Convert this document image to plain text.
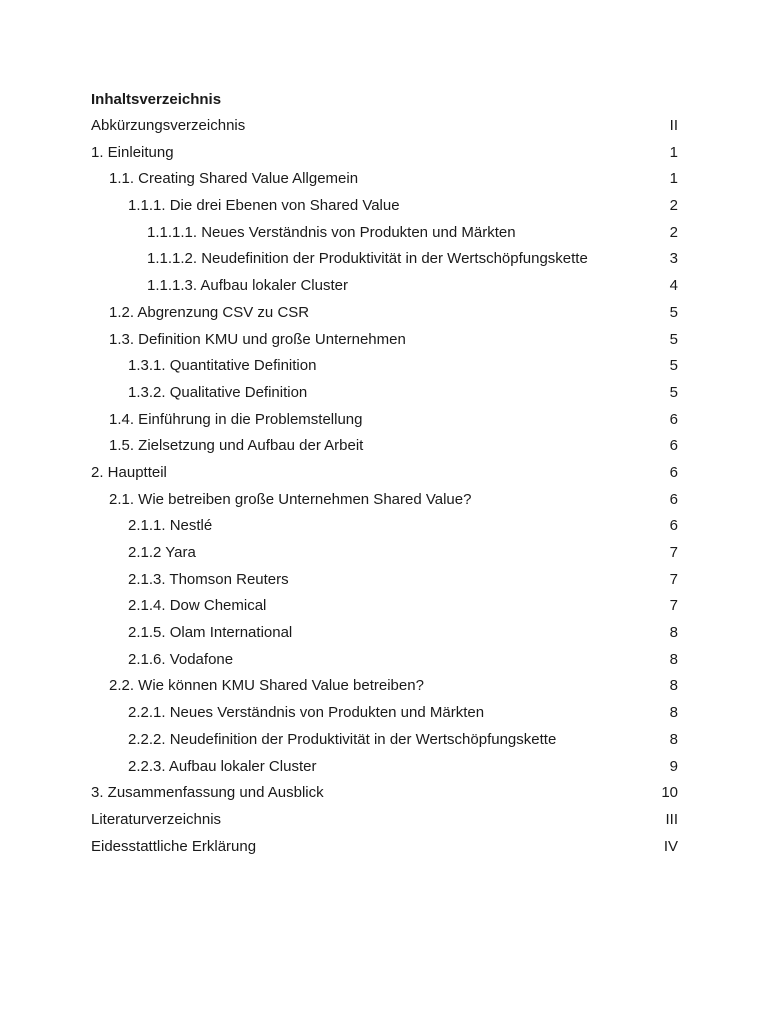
Inhaltsverzeichnis
Abkürzungsverzeichnis	II
1. Einleitung	1
1.1. Creating Shared Value Allgemein	1
1.1.1. Die drei Ebenen von Shared Value	2
1.1.1.1. Neues Verständnis von Produkten und Märkten	2
1.1.1.2. Neudefinition der Produktivität in der Wertschöpfungskette	3
1.1.1.3. Aufbau lokaler Cluster	4
1.2. Abgrenzung CSV zu CSR	5
1.3. Definition KMU und große Unternehmen	5
1.3.1. Quantitative Definition	5
1.3.2. Qualitative Definition	5
1.4. Einführung in die Problemstellung	6
1.5. Zielsetzung und Aufbau der Arbeit	6
2. Hauptteil	6
2.1. Wie betreiben große Unternehmen Shared Value?	6
2.1.1. Nestlé	6
2.1.2 Yara	7
2.1.3. Thomson Reuters	7
2.1.4. Dow Chemical	7
2.1.5. Olam International	8
2.1.6. Vodafone	8
2.2. Wie können KMU Shared Value betreiben?	8
2.2.1. Neues Verständnis von Produkten und Märkten	8
2.2.2. Neudefinition der Produktivität in der Wertschöpfungskette	8
2.2.3. Aufbau lokaler Cluster	9
3. Zusammenfassung und Ausblick	10
Literaturverzeichnis	III
Eidesstattliche Erklärung	IV
